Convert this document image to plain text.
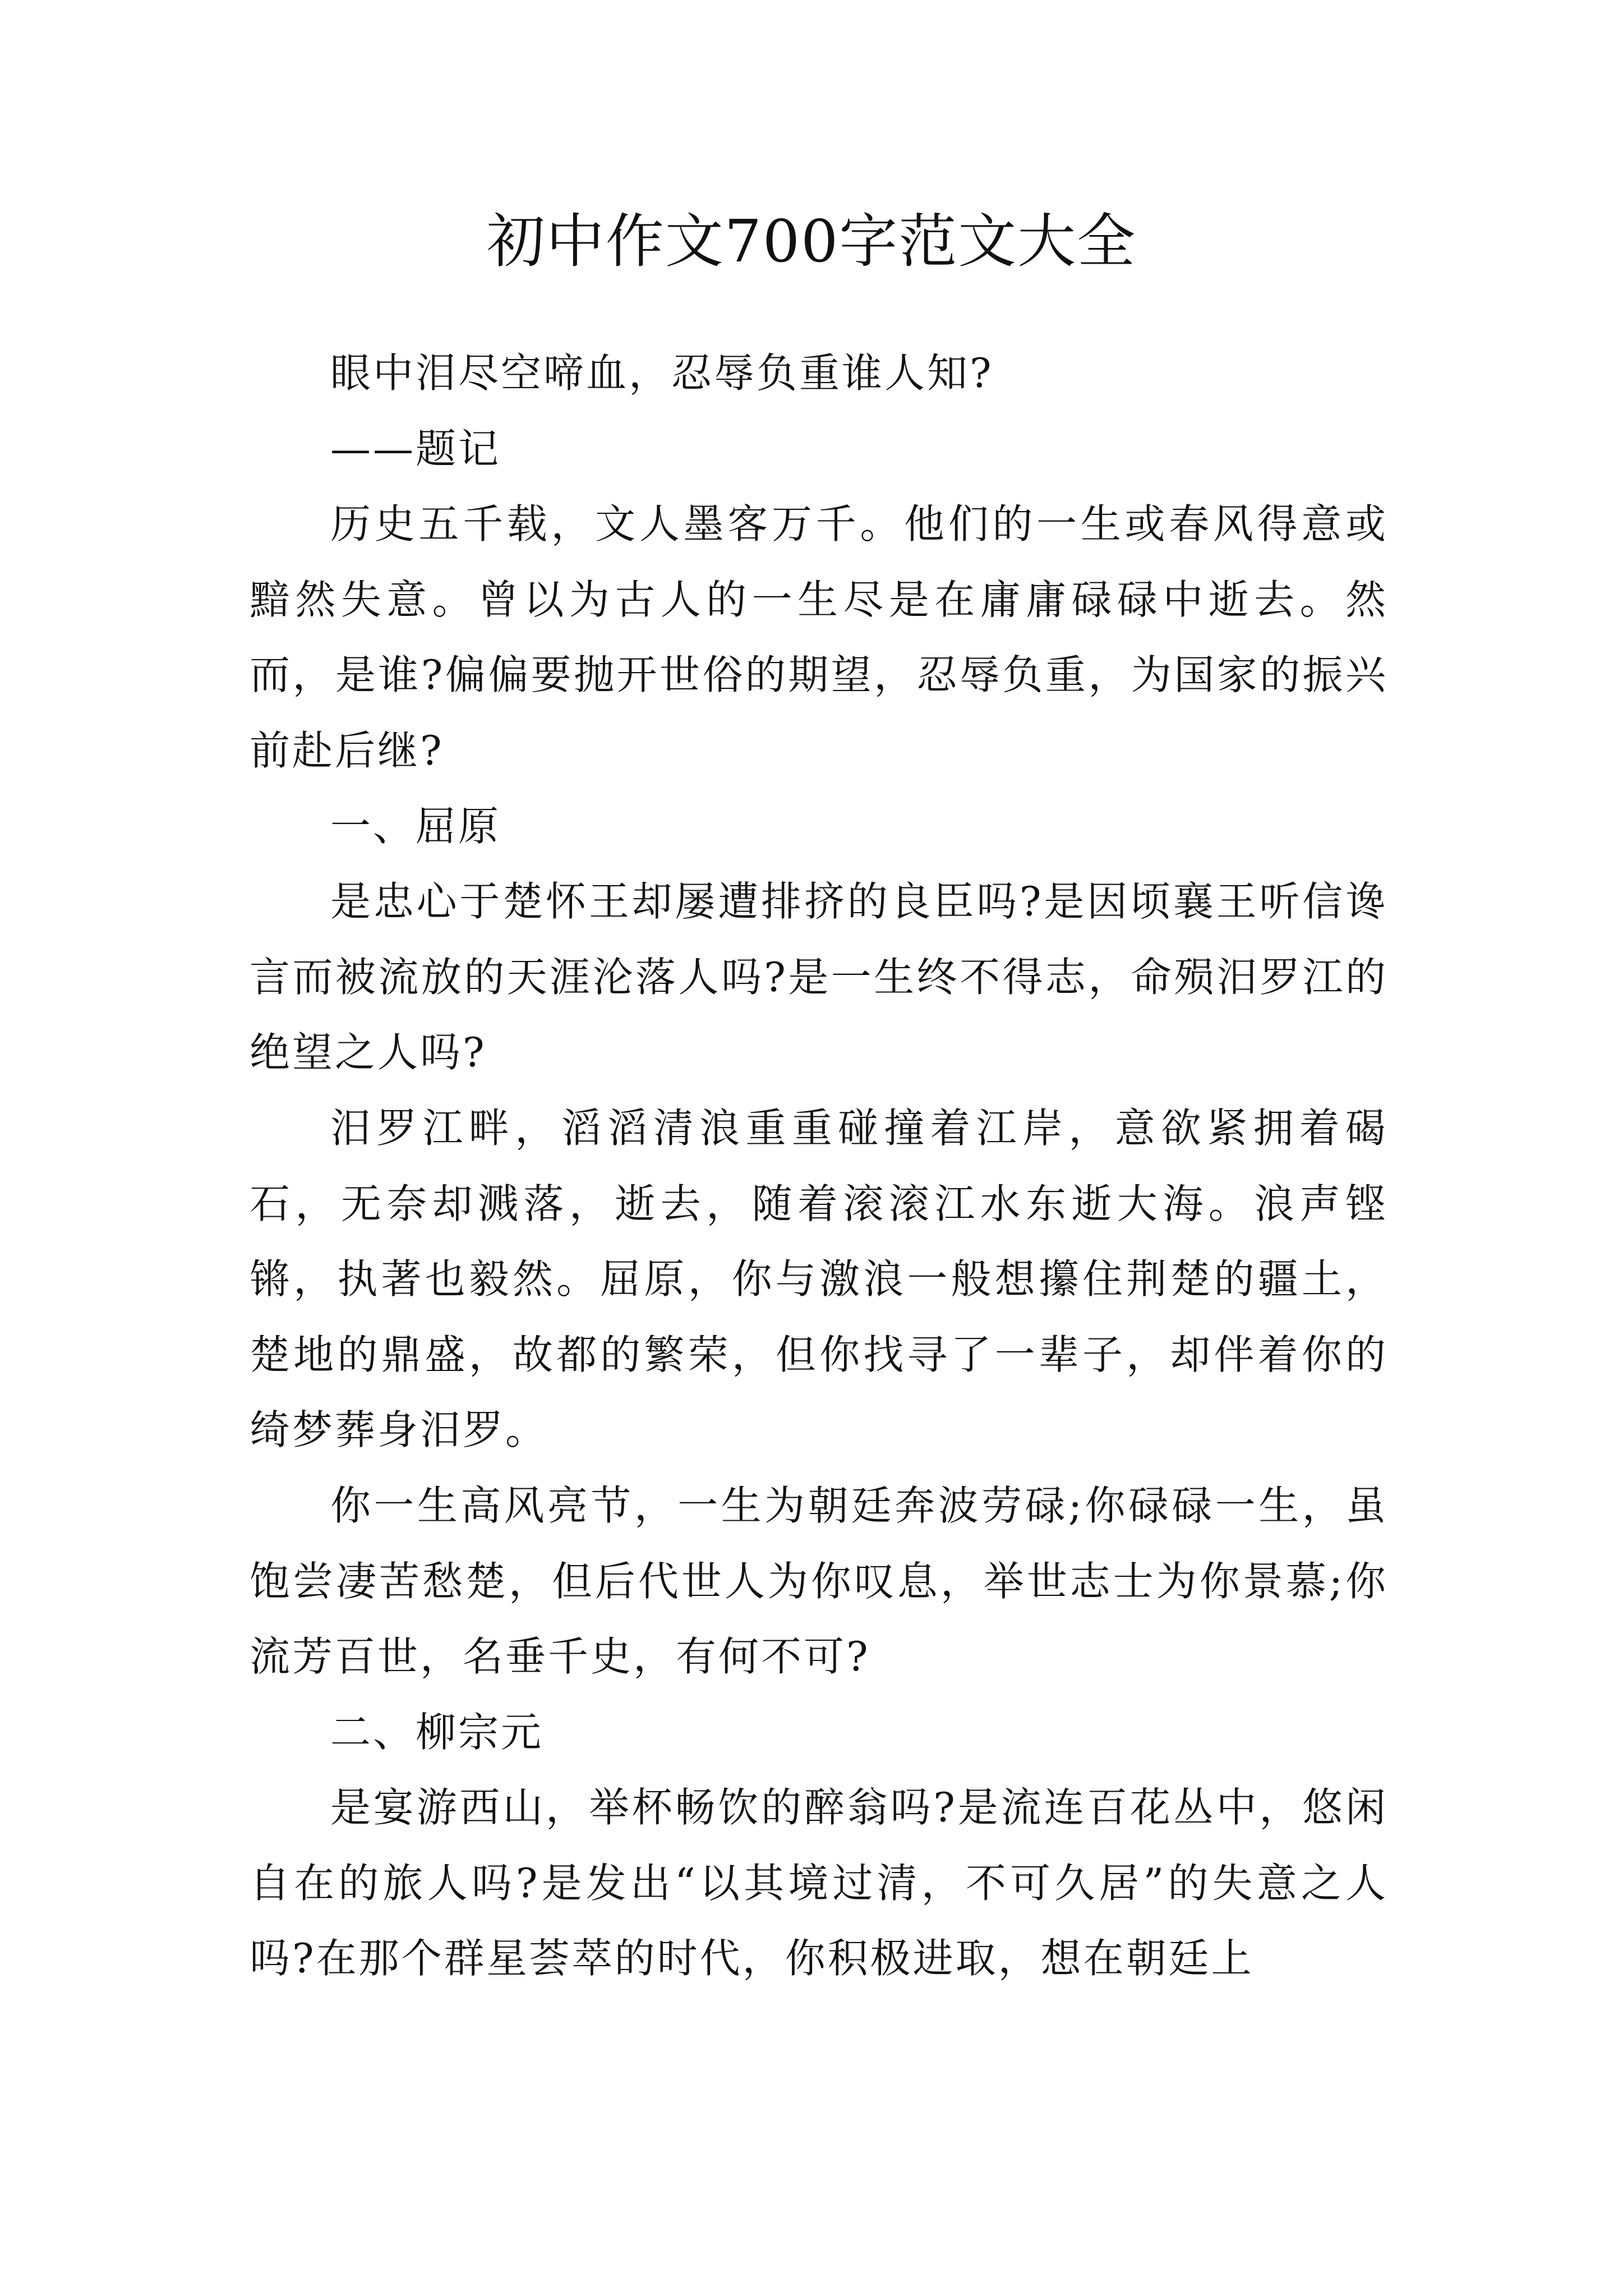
初中作文700字范文大全

眼中泪尽空啼血，忍辱负重谁人知?

——题记

历史五千载，文人墨客万千。他们的一生或春风得意或黯然失意。曾以为古人的一生尽是在庸庸碌碌中逝去。然而，是谁?偏偏要抛开世俗的期望，忍辱负重，为国家的振兴前赴后继?

一、屈原

是忠心于楚怀王却屡遭排挤的良臣吗?是因顷襄王听信谗言而被流放的天涯沦落人吗?是一生终不得志，命殒汨罗江的绝望之人吗?

汨罗江畔，滔滔清浪重重碰撞着江岸，意欲紧拥着碣石，无奈却溅落，逝去，随着滚滚江水东逝大海。浪声铿锵，执著也毅然。屈原，你与激浪一般想攥住荆楚的疆土，楚地的鼎盛，故都的繁荣，但你找寻了一辈子，却伴着你的绮梦葬身汨罗。

你一生高风亮节，一生为朝廷奔波劳碌;你碌碌一生，虽饱尝凄苦愁楚，但后代世人为你叹息，举世志士为你景慕;你流芳百世，名垂千史，有何不可?

二、柳宗元

是宴游西山，举杯畅饮的醉翁吗?是流连百花丛中，悠闲自在的旅人吗?是发出“以其境过清，不可久居”的失意之人吗?在那个群星荟萃的时代，你积极进取，想在朝廷上
